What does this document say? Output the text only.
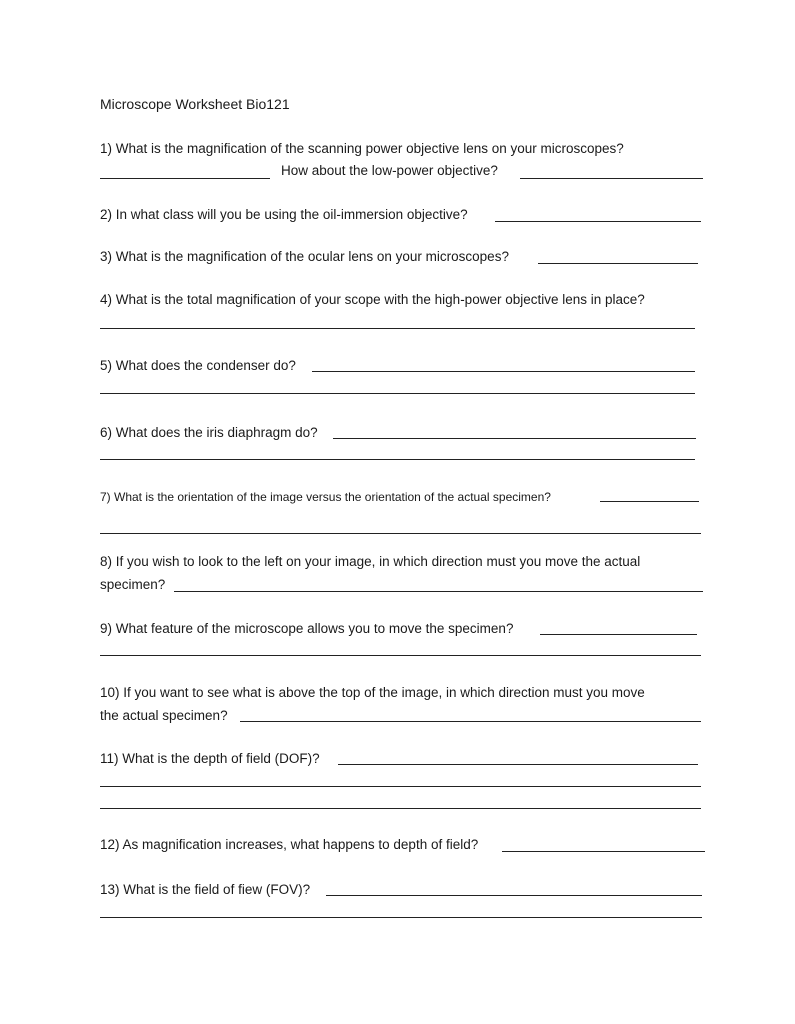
Microscope Worksheet Bio121
1) What is the magnification of the scanning power objective lens on your microscopes?
How about the low-power objective?
2) In what class will you be using the oil-immersion objective?
3) What is the magnification of the ocular lens on your microscopes?
4) What is the total magnification of your scope with the high-power objective lens in place?
5) What does the condenser do?
6) What does the iris diaphragm do?
7) What is the orientation of the image versus the orientation of the actual specimen?
8) If you wish to look to the left on your image, in which direction must you move the actual
specimen?
9) What feature of the microscope allows you to move the specimen?
10) If you want to see what is above the top of the image, in which direction must you move
the actual specimen?
11) What is the depth of field (DOF)?
12) As magnification increases, what happens to depth of field?
13) What is the field of fiew (FOV)?
